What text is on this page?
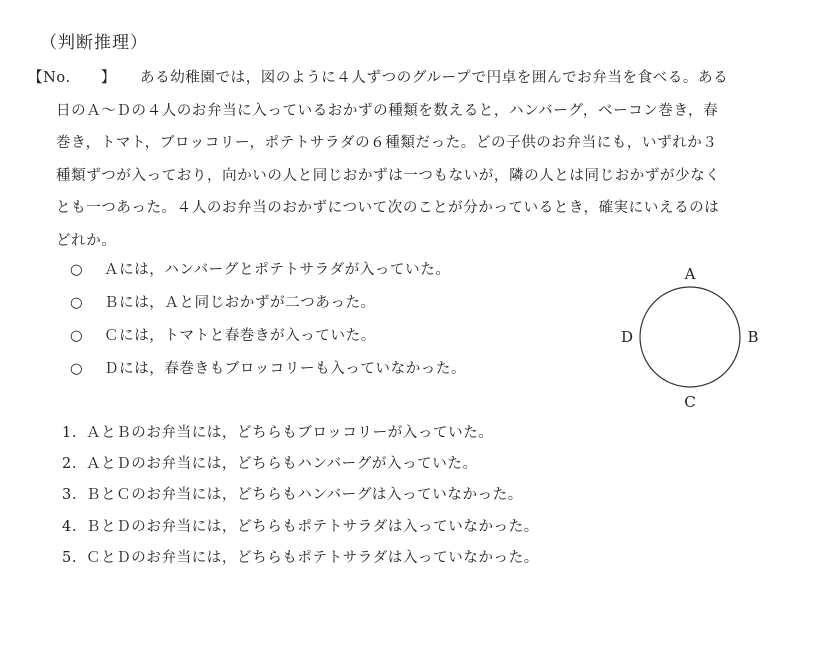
（判断推理）
【No.　　】 ある幼稚園では，図のように４人ずつのグループで円卓を囲んでお弁当を食べる。ある
日のＡ～Ｄの４人のお弁当に入っているおかずの種類を数えると，ハンバーグ，ベーコン巻き，春
巻き，トマト，ブロッコリー，ポテトサラダの６種類だった。どの子供のお弁当にも，いずれか３
種類ずつが入っており，向かいの人と同じおかずは一つもないが，隣の人とは同じおかずが少なく
とも一つあった。４人のお弁当のおかずについて次のことが分かっているとき，確実にいえるのは
どれか。
○ Ａには，ハンバーグとポテトサラダが入っていた。
○ Ｂには，Ａと同じおかずが二つあった。
○ Ｃには，トマトと春巻きが入っていた。
○ Ｄには，春巻きもブロッコリーも入っていなかった。
A
B
C
D
1. ＡとＢのお弁当には，どちらもブロッコリーが入っていた。
2. ＡとＤのお弁当には，どちらもハンバーグが入っていた。
3. ＢとＣのお弁当には，どちらもハンバーグは入っていなかった。
4. ＢとＤのお弁当には，どちらもポテトサラダは入っていなかった。
5. ＣとＤのお弁当には，どちらもポテトサラダは入っていなかった。
